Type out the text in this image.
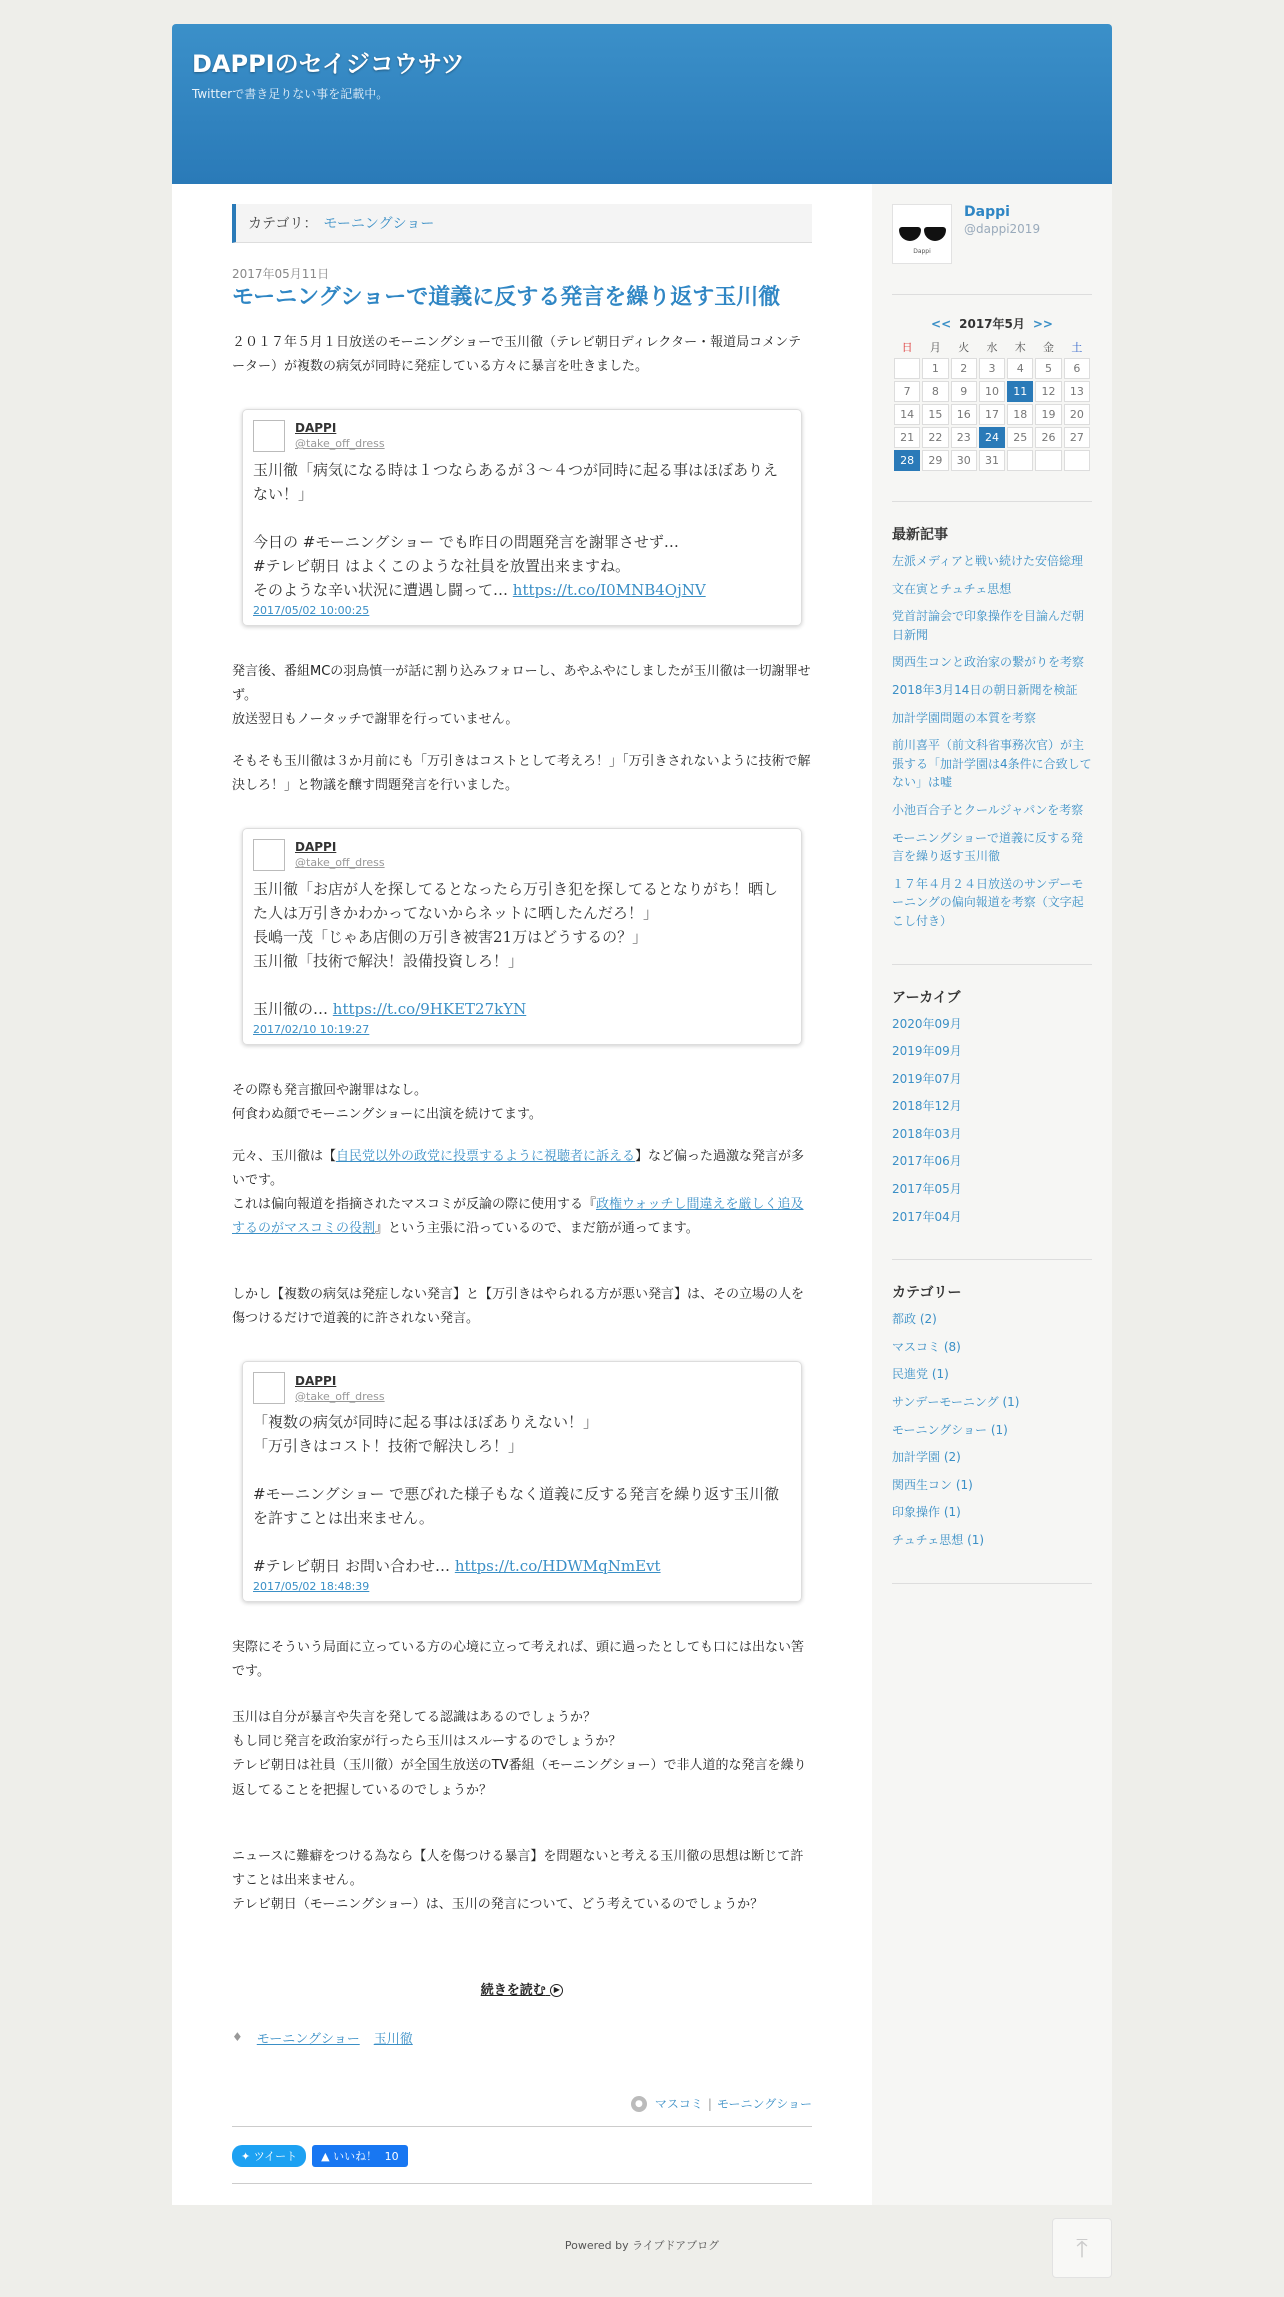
DAPPIのセイジコウサツ
Twitterで書き足りない事を記載中。
カテゴリ： モーニングショー
2017年05月11日
モーニングショーで道義に反する発言を繰り返す玉川徹

２０１７年５月１日放送のモーニングショーで玉川徹（テレビ朝日ディレクター・報道局コメンテーター）が複数の病気が同時に発症している方々に暴言を吐きました。

DAPPI
@take_off_dress
玉川徹「病気になる時は１つならあるが３～４つが同時に起る事はほぼありえない！」

今日の #モーニングショー でも昨日の問題発言を謝罪させず…
#テレビ朝日 はよくこのような社員を放置出来ますね。
そのような辛い状況に遭遇し闘って… https://t.co/I0MNB4OjNV
2017/05/02 10:00:25

発言後、番組MCの羽鳥慎一が話に割り込みフォローし、あやふやにしましたが玉川徹は一切謝罪せず。
放送翌日もノータッチで謝罪を行っていません。

そもそも玉川徹は３か月前にも「万引きはコストとして考えろ！」「万引きされないように技術で解決しろ！」と物議を醸す問題発言を行いました。

DAPPI
@take_off_dress
玉川徹「お店が人を探してるとなったら万引き犯を探してるとなりがち！晒した人は万引きかわかってないからネットに晒したんだろ！」
長嶋一茂「じゃあ店側の万引き被害21万はどうするの？」
玉川徹「技術で解決！設備投資しろ！」

玉川徹の… https://t.co/9HKET27kYN
2017/02/10 10:19:27

その際も発言撤回や謝罪はなし。
何食わぬ顔でモーニングショーに出演を続けてます。

元々、玉川徹は【自民党以外の政党に投票するように視聴者に訴える】など偏った過激な発言が多いです。
これは偏向報道を指摘されたマスコミが反論の際に使用する『政権ウォッチし間違えを厳しく追及するのがマスコミの役割』という主張に沿っているので、まだ筋が通ってます。

しかし【複数の病気は発症しない発言】と【万引きはやられる方が悪い発言】は、その立場の人を傷つけるだけで道義的に許されない発言。

DAPPI
@take_off_dress
「複数の病気が同時に起る事はほぼありえない！」
「万引きはコスト！技術で解決しろ！」

#モーニングショー で悪びれた様子もなく道義に反する発言を繰り返す玉川徹を許すことは出来ません。

#テレビ朝日 お問い合わせ… https://t.co/HDWMqNmEvt
2017/05/02 18:48:39

実際にそういう局面に立っている方の心境に立って考えれば、頭に過ったとしても口には出ない筈です。

玉川は自分が暴言や失言を発してる認識はあるのでしょうか？
もし同じ発言を政治家が行ったら玉川はスルーするのでしょうか？
テレビ朝日は社員（玉川徹）が全国生放送のTV番組（モーニングショー）で非人道的な発言を繰り返してることを把握しているのでしょうか？

ニュースに難癖をつける為なら【人を傷つける暴言】を問題ないと考える玉川徹の思想は断じて許すことは出来ません。
テレビ朝日（モーニングショー）は、玉川の発言について、どう考えているのでしょうか？

続きを読む ▶
♦ モーニングショー 玉川徹
● マスコミ | モーニングショー
✦ ツイート	▲ いいね！ 10
Dappi
Dappi
@dappi2019
<< 2017年5月 >>
日	月	火	水	木	金	土
	1	2	3	4	5	6
7	8	9	10	11	12	13
14	15	16	17	18	19	20
21	22	23	24	25	26	27
28	29	30	31			
最新記事
左派メディアと戦い続けた安倍総理
文在寅とチュチェ思想
党首討論会で印象操作を目論んだ朝日新聞
関西生コンと政治家の繋がりを考察
2018年3月14日の朝日新聞を検証
加計学園問題の本質を考察
前川喜平（前文科省事務次官）が主張する「加計学園は4条件に合致してない」は嘘
小池百合子とクールジャパンを考察
モーニングショーで道義に反する発言を繰り返す玉川徹
１７年４月２４日放送のサンデーモーニングの偏向報道を考察（文字起こし付き）
アーカイブ
2020年09月
2019年09月
2019年07月
2018年12月
2018年03月
2017年06月
2017年05月
2017年04月
カテゴリー
都政 (2)
マスコミ (8)
民進党 (1)
サンデーモーニング (1)
モーニングショー (1)
加計学園 (2)
関西生コン (1)
印象操作 (1)
チュチェ思想 (1)
Powered by ライブドアブログ	⤒
